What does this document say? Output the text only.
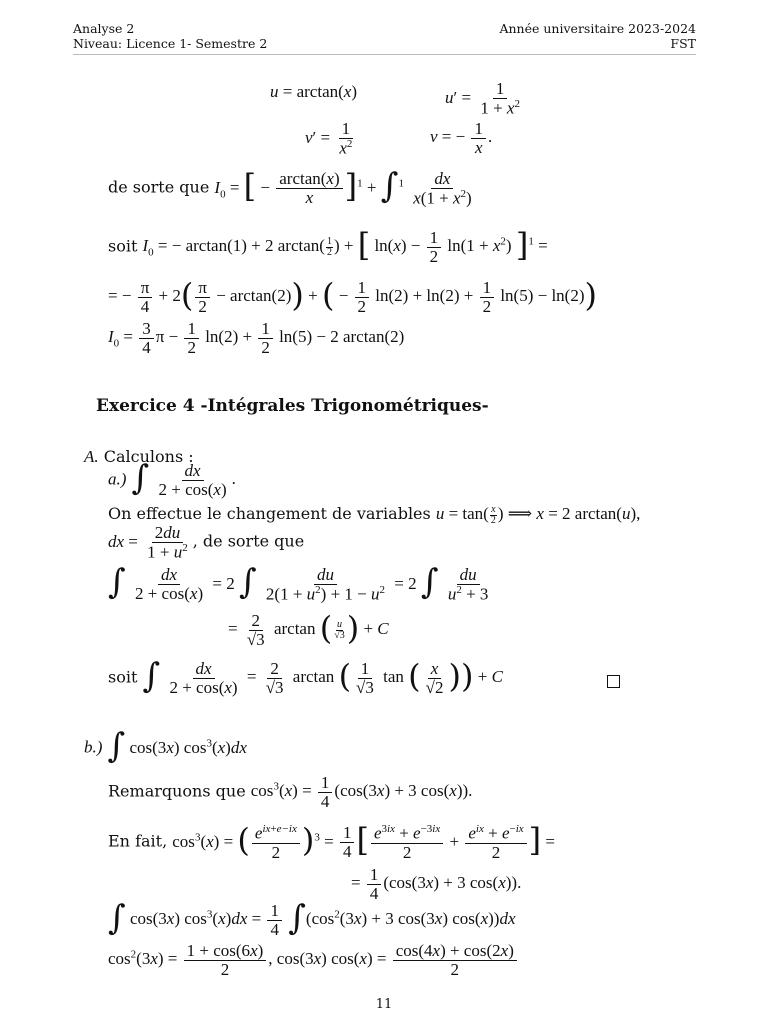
Analyse 2
Niveau: Licence 1- Semestre 2
Année universitaire 2023-2024
FST
u = arctan(x)	$u' = \frac{1}{1 + x^2}$
$v' = \frac{1}{x^2}$	v = − $\frac{1}{x}$ .
de sorte que $I_0$ = [ − $\frac{\arctan(x)}{x} ]^1 + \int^1 \frac{dx}{x(1 + x^2)}$
soit $I_0$ = − arctan(1) + 2 $\arctan( \frac{1}{2}$ ) + [ $\ln(x) - \frac{1}{2} \ln(1 + x^2) ]^1$ =
= − $\frac{\pi}{4} + 2( \frac{\pi}{2} - \arctan(2))$ + ( − $\frac{1}{2} \ln(2) + \ln(2) + \frac{1}{2} \ln(5) - \ln(2)$)
$I_0 = \frac{3}{4}$ $\pi - \frac{1}{2} \ln(2) + \frac{1}{2} \ln(5) - 2$ arctan(2)
Exercice 4 -Intégrales Trigonométriques-
A. Calculons :
a.) ∫ $\frac{dx}{2 + \cos(x)}$ .
On effectue le changement de variables $u = \tan( \frac{x}{2}$ ) ⟹ x = 2 arctan(u),
dx = $\frac{2du}{1 + u^2}$ , de sorte que
∫ $\frac{dx}{2 + \cos(x)} = 2$ ∫ $\frac{du}{2(1 + u^2) + 1 - u^2} = 2$ ∫ $\frac{du}{u^2 + 3}$
= $\frac{2}{√3}$ arctan ( $\frac{u}{√3}$ ) + C
soit ∫ $\frac{dx}{2 + \cos(x)} = \frac{2}{√3}$ arctan ( $\frac{1}{√3}$ tan ( $\frac{x}{√2}$ )) + C
b.) ∫ cos(3x) $\cos^3(x)dx$
Remarquons que $\cos^3(x) = \frac{1}{4} (\cos(3x) + 3$ cos(x)).
En fait, $\cos^3(x)$ = ( $\frac{e^{ix+e-ix}}{2} )^3 = \frac{1}{4}$ [ $\frac{e^{3ix} + e^{-3ix}}{2} + \frac{e^{ix} + e^{-ix}}{2}$ ] =
= $\frac{1}{4} (\cos(3x) + 3$ cos(x)).
∫ cos(3x) $\cos^3(x)dx = \frac{1}{4} \int(\cos^2(3x) + 3$ cos(3x) cos(x))dx
$\cos^2(3x) = \frac{1 + \cos(6x)}{2}$ , cos(3x) $\cos(x) = \frac{\cos(4x) + \cos(2x)}{2}$
11
